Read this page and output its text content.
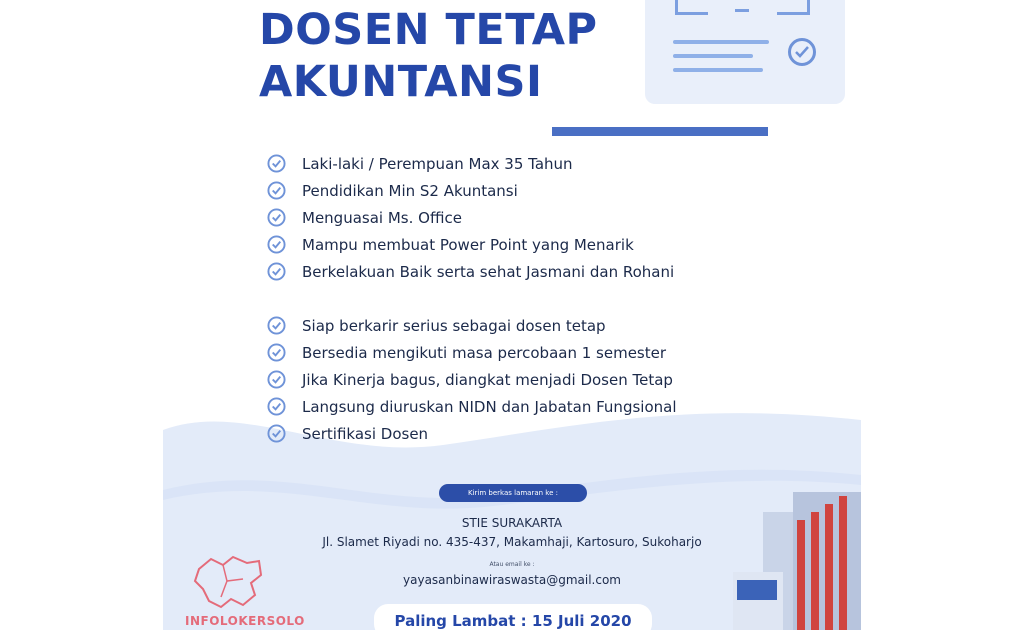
DOSEN TETAP
AKUNTANSI
Laki-laki / Perempuan Max 35 Tahun
Pendidikan Min S2 Akuntansi
Menguasai Ms. Office
Mampu membuat Power Point yang Menarik
Berkelakuan Baik serta sehat Jasmani dan Rohani
Siap berkarir serius sebagai dosen tetap
Bersedia mengikuti masa percobaan 1 semester
Jika Kinerja bagus, diangkat menjadi Dosen Tetap
Langsung diuruskan NIDN dan Jabatan Fungsional
Sertifikasi Dosen
Kirim berkas lamaran ke :
STIE SURAKARTA
Jl. Slamet Riyadi no. 435-437, Makamhaji, Kartosuro, Sukoharjo
Atau email ke :
yayasanbinawiraswasta@gmail.com
Paling Lambat : 15 Juli 2020
INFOLOKERSOLO
